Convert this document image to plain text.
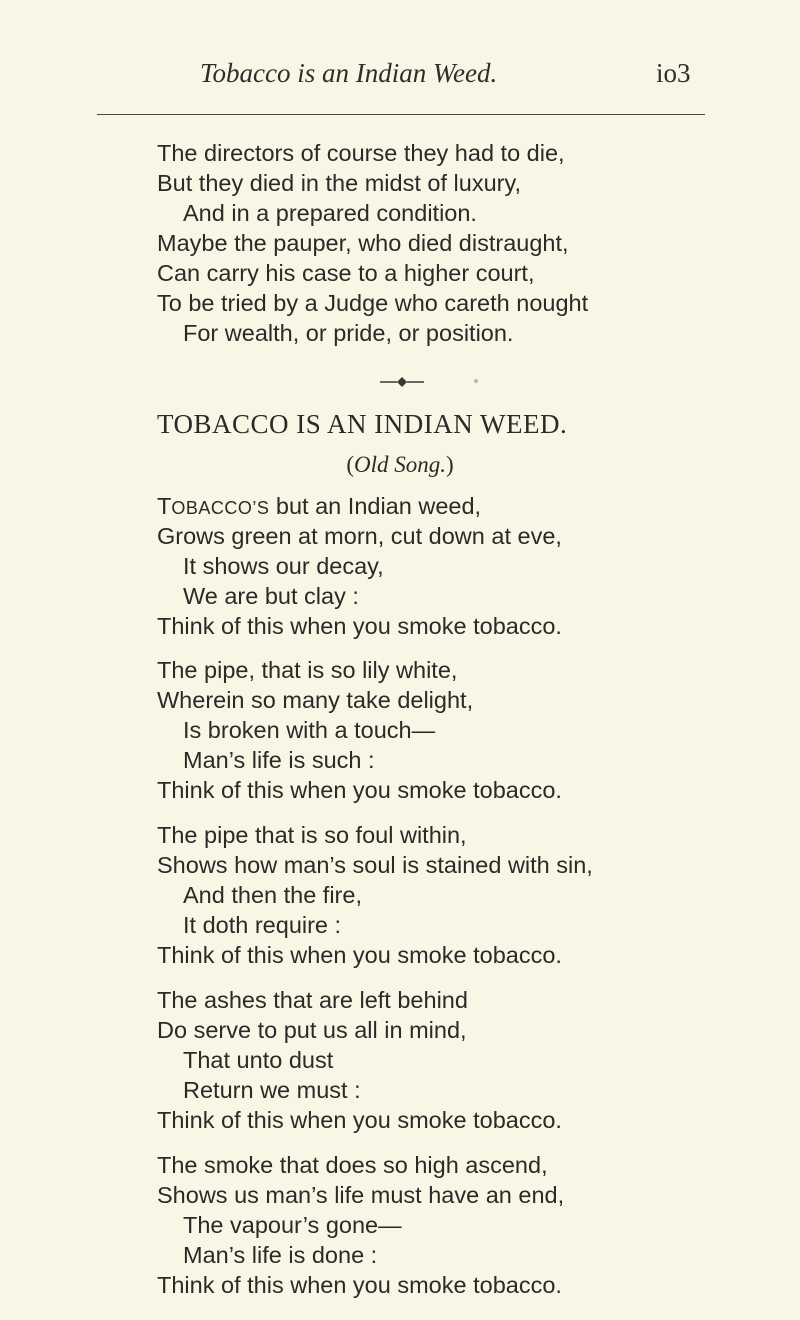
Tobacco is an Indian Weed.	io3
The directors of course they had to die,
But they died in the midst of luxury,
And in a prepared condition.
Maybe the pauper, who died distraught,
Can carry his case to a higher court,
To be tried by a Judge who careth nought
For wealth, or pride, or position.
TOBACCO IS AN INDIAN WEED.
(Old Song.)
TOBACCO’S but an Indian weed,
Grows green at morn, cut down at eve,
It shows our decay,
We are but clay :
Think of this when you smoke tobacco.
The pipe, that is so lily white,
Wherein so many take delight,
Is broken with a touch—
Man’s life is such :
Think of this when you smoke tobacco.
The pipe that is so foul within,
Shows how man’s soul is stained with sin,
And then the fire,
It doth require :
Think of this when you smoke tobacco.
The ashes that are left behind
Do serve to put us all in mind,
That unto dust
Return we must :
Think of this when you smoke tobacco.
The smoke that does so high ascend,
Shows us man’s life must have an end,
The vapour’s gone—
Man’s life is done :
Think of this when you smoke tobacco.
